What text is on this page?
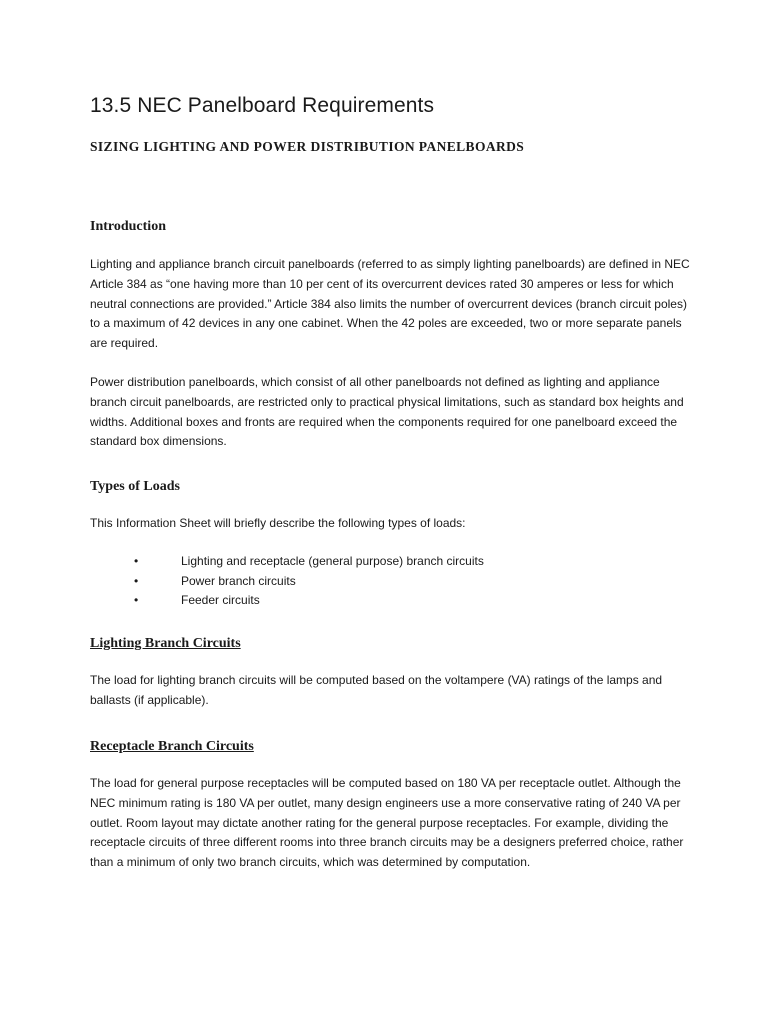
13.5 NEC Panelboard Requirements
SIZING LIGHTING AND POWER DISTRIBUTION PANELBOARDS
Introduction

Lighting and appliance branch circuit panelboards (referred to as simply lighting panelboards) are defined in NEC Article 384 as “one having more than 10 per cent of its overcurrent devices rated 30 amperes or less for which neutral connections are provided.” Article 384 also limits the number of overcurrent devices (branch circuit poles) to a maximum of 42 devices in any one cabinet. When the 42 poles are exceeded, two or more separate panels are required.

Power distribution panelboards, which consist of all other panelboards not defined as lighting and appliance branch circuit panelboards, are restricted only to practical physical limitations, such as standard box heights and widths. Additional boxes and fronts are required when the components required for one panelboard exceed the standard box dimensions.

Types of Loads

This Information Sheet will briefly describe the following types of loads:

•	Lighting and receptacle (general purpose) branch circuits
•	Power branch circuits
•	Feeder circuits
Lighting Branch Circuits

The load for lighting branch circuits will be computed based on the voltampere (VA) ratings of the lamps and ballasts (if applicable).

Receptacle Branch Circuits

The load for general purpose receptacles will be computed based on 180 VA per receptacle outlet. Although the NEC minimum rating is 180 VA per outlet, many design engineers use a more conservative rating of 240 VA per outlet. Room layout may dictate another rating for the general purpose receptacles. For example, dividing the receptacle circuits of three different rooms into three branch circuits may be a designers preferred choice, rather than a minimum of only two branch circuits, which was determined by computation.
